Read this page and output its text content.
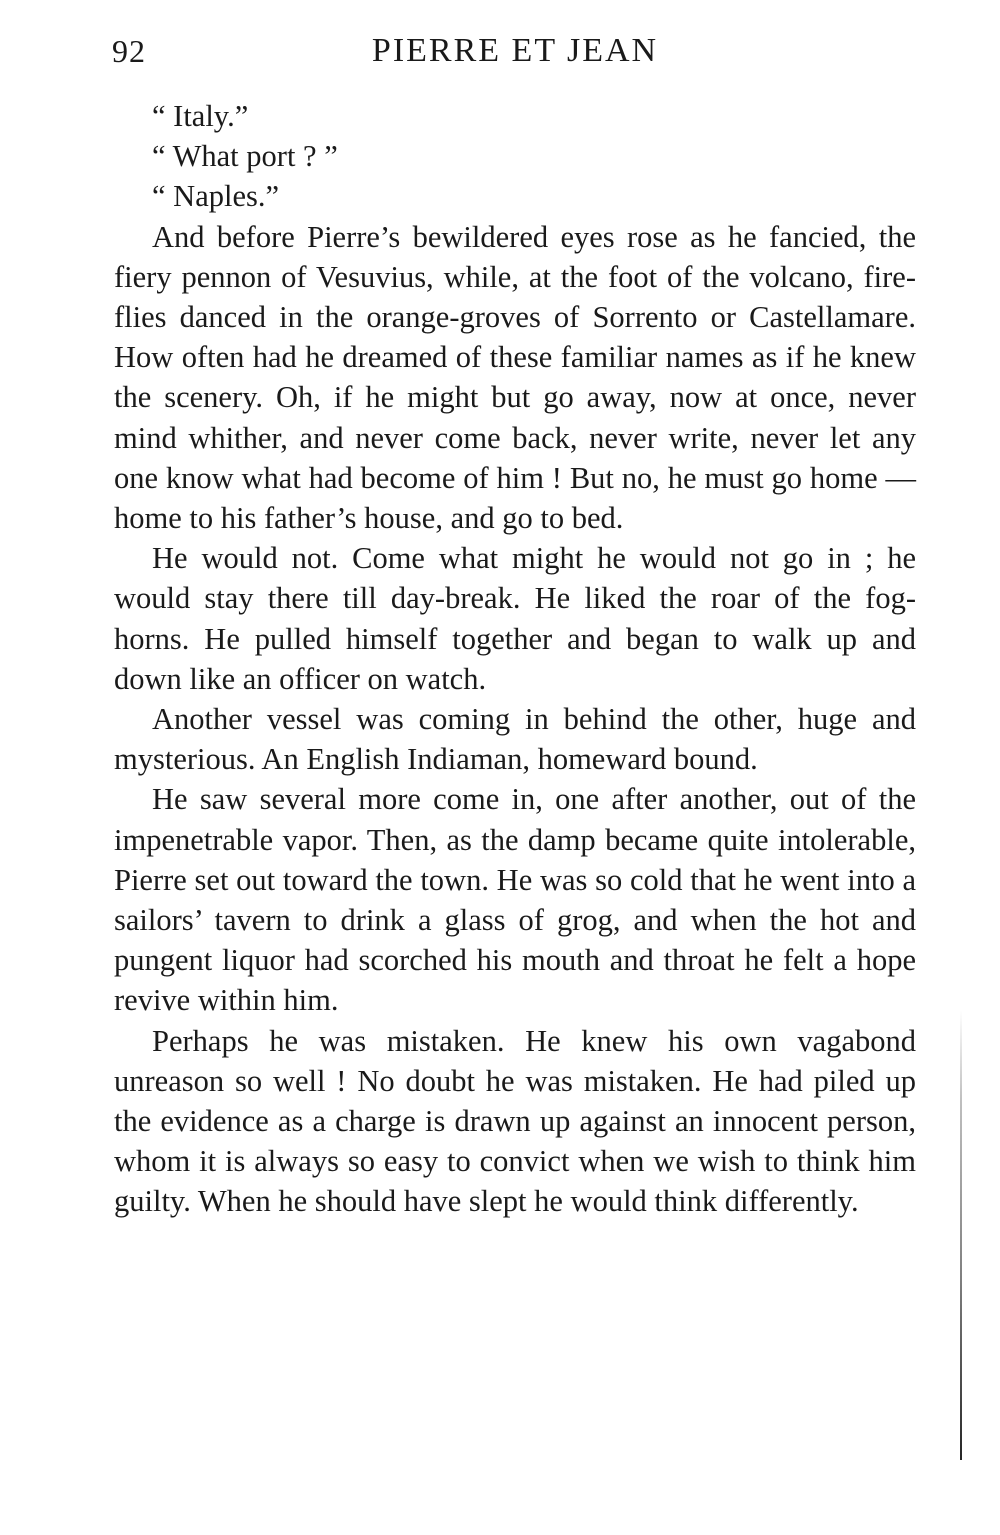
92	PIERRE ET JEAN

“ Italy.”

“ What port ? ”

“ Naples.”

And before Pierre’s bewildered eyes rose as he fancied, the fiery pennon of Vesuvius, while, at the foot of the volcano, fire-flies danced in the orange-groves of Sorrento or Castellamare. How often had he dreamed of these familiar names as if he knew the scenery. Oh, if he might but go away, now at once, never mind whither, and never come back, never write, never let any one know what had become of him ! But no, he must go home — home to his father’s house, and go to bed.

He would not. Come what might he would not go in ; he would stay there till day-break. He liked the roar of the fog-horns. He pulled himself together and began to walk up and down like an officer on watch.

Another vessel was coming in behind the other, huge and mysterious. An English Indiaman, homeward bound.

He saw several more come in, one after another, out of the impenetrable vapor. Then, as the damp became quite intolerable, Pierre set out toward the town. He was so cold that he went into a sailors’ tavern to drink a glass of grog, and when the hot and pungent liquor had scorched his mouth and throat he felt a hope revive within him.

Perhaps he was mistaken. He knew his own vagabond unreason so well ! No doubt he was mistaken. He had piled up the evidence as a charge is drawn up against an innocent person, whom it is always so easy to convict when we wish to think him guilty. When he should have slept he would think differently.
